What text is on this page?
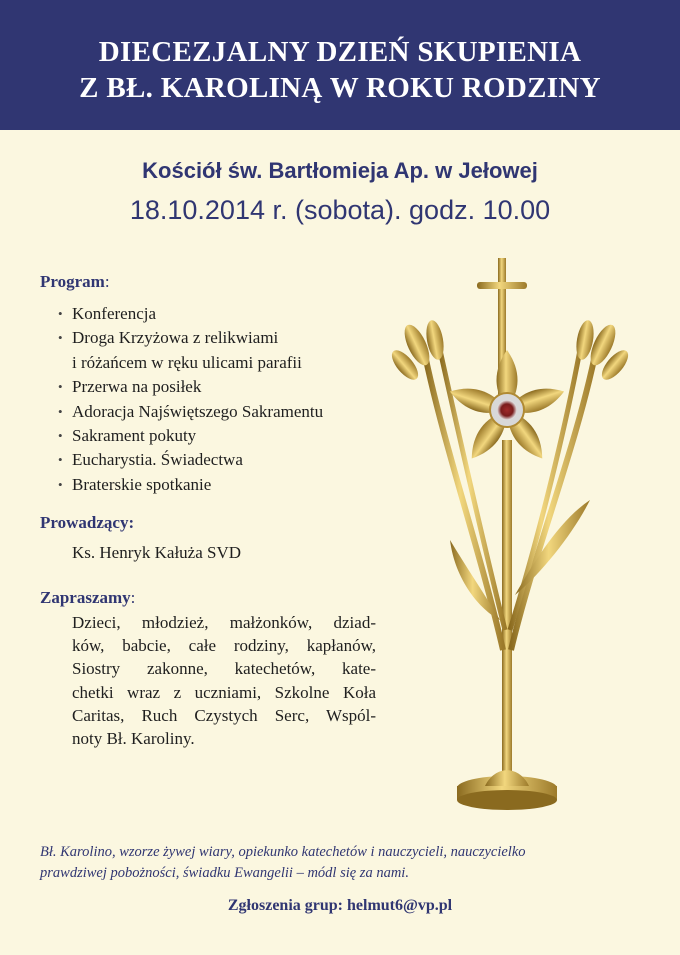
DIECEZJALNY DZIEŃ SKUPIENIA
Z BŁ. KAROLINĄ W ROKU RODZINY
Kościół św. Bartłomieja Ap. w Jełowej
18.10.2014 r. (sobota). godz. 10.00
Program:
• Konferencja
• Droga Krzyżowa z relikwiami
i różańcem w ręku ulicami parafii
• Przerwa na posiłek
• Adoracja Najświętszego Sakramentu
• Sakrament pokuty
• Eucharystia. Świadectwa
• Braterskie spotkanie
Prowadzący:
Ks. Henryk Kałuża SVD
Zapraszamy:
Dzieci, młodzież, małżonków, dziad-
ków, babcie, całe rodziny, kapłanów,
Siostry zakonne, katechetów, kate-
chetki wraz z uczniami, Szkolne Koła
Caritas, Ruch Czystych Serc, Wspól-
noty Bł. Karoliny.
Bł. Karolino, wzorze żywej wiary, opiekunko katechetów i nauczycieli, nauczycielko
prawdziwej pobożności, świadku Ewangelii – módl się za nami.
Zgłoszenia grup: helmut6@vp.pl
